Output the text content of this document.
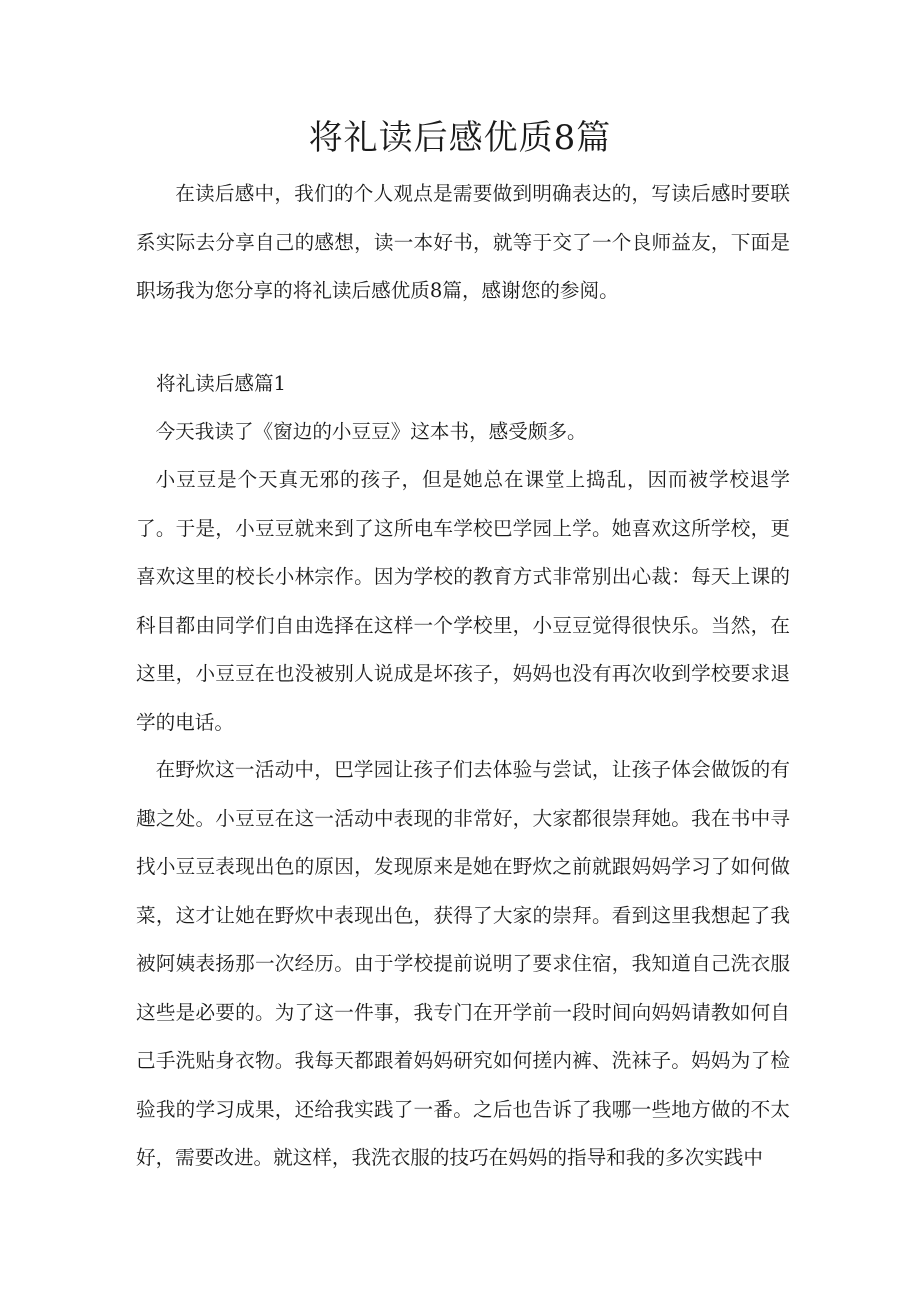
将礼读后感优质8篇

在读后感中，我们的个人观点是需要做到明确表达的，写读后感时要联系实际去分享自己的感想，读一本好书，就等于交了一个良师益友，下面是职场我为您分享的将礼读后感优质8篇，感谢您的参阅。

将礼读后感篇1

今天我读了《窗边的小豆豆》这本书，感受颇多。

小豆豆是个天真无邪的孩子，但是她总在课堂上捣乱，因而被学校退学了。于是，小豆豆就来到了这所电车学校巴学园上学。她喜欢这所学校，更喜欢这里的校长小林宗作。因为学校的教育方式非常别出心裁：每天上课的科目都由同学们自由选择在这样一个学校里，小豆豆觉得很快乐。当然，在这里，小豆豆在也没被别人说成是坏孩子，妈妈也没有再次收到学校要求退学的电话。

在野炊这一活动中，巴学园让孩子们去体验与尝试，让孩子体会做饭的有趣之处。小豆豆在这一活动中表现的非常好，大家都很崇拜她。我在书中寻找小豆豆表现出色的原因，发现原来是她在野炊之前就跟妈妈学习了如何做菜，这才让她在野炊中表现出色，获得了大家的崇拜。看到这里我想起了我被阿姨表扬那一次经历。由于学校提前说明了要求住宿，我知道自己洗衣服这些是必要的。为了这一件事，我专门在开学前一段时间向妈妈请教如何自己手洗贴身衣物。我每天都跟着妈妈研究如何搓内裤、洗袜子。妈妈为了检验我的学习成果，还给我实践了一番。之后也告诉了我哪一些地方做的不太好，需要改进。就这样，我洗衣服的技巧在妈妈的指导和我的多次实践中
